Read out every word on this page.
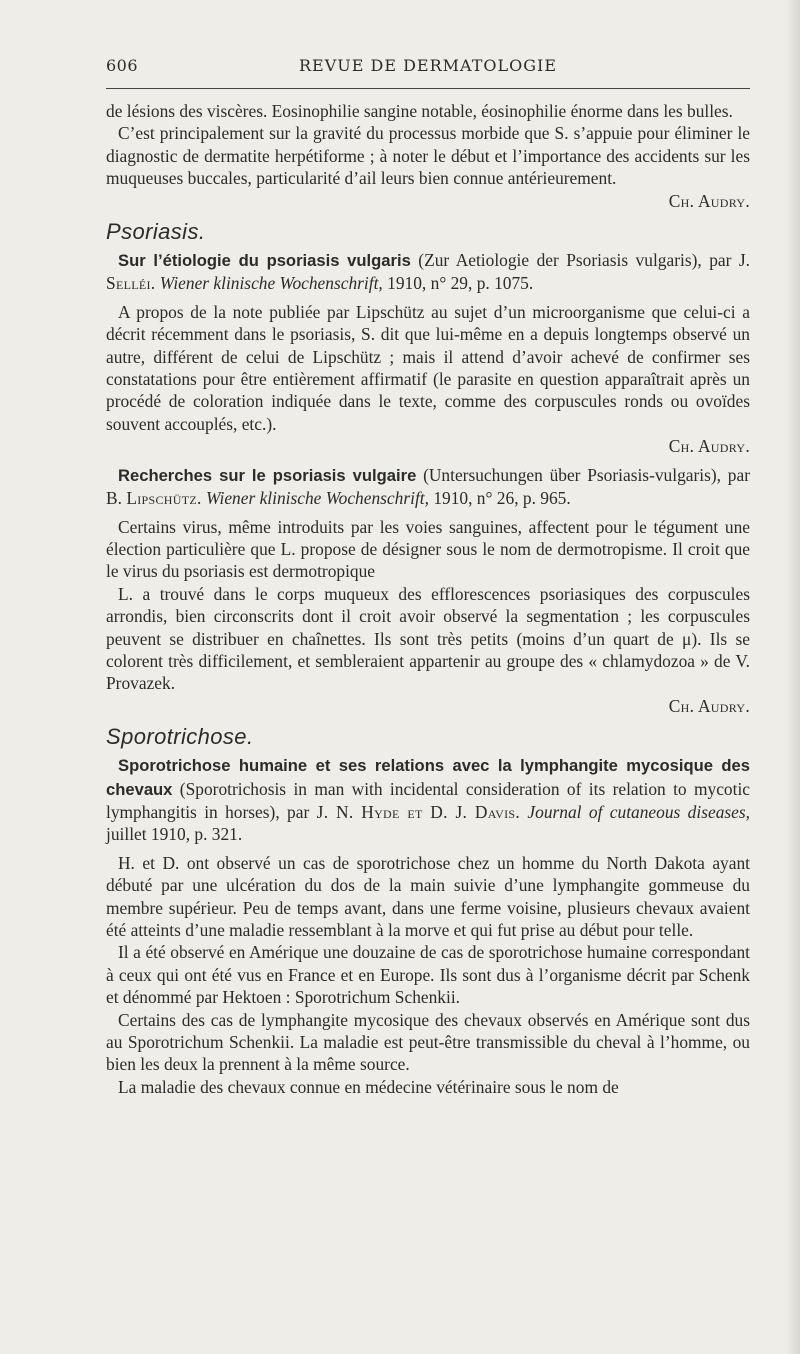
606	REVUE DE DERMATOLOGIE

de lésions des viscères. Eosinophilie sangine notable, éosinophilie énorme dans les bulles.

C’est principalement sur la gravité du processus morbide que S. s’appuie pour éliminer le diagnostic de dermatite herpétiforme ; à noter le début et l’importance des accidents sur les muqueuses buccales, particularité d’ail leurs bien connue antérieurement.

Ch. Audry.

Psoriasis.

Sur l’étiologie du psoriasis vulgaris (Zur Aetiologie der Psoriasis vulgaris), par J. Selléi. Wiener klinische Wochenschrift, 1910, n° 29, p. 1075.

A propos de la note publiée par Lipschütz au sujet d’un microorganisme que celui-ci a décrit récemment dans le psoriasis, S. dit que lui-même en a depuis longtemps observé un autre, différent de celui de Lipschütz ; mais il attend d’avoir achevé de confirmer ses constatations pour être entièrement affirmatif (le parasite en question apparaîtrait après un procédé de coloration indiquée dans le texte, comme des corpuscules ronds ou ovoïdes souvent accouplés, etc.).

Ch. Audry.

Recherches sur le psoriasis vulgaire (Untersuchungen über Psoriasis-vulgaris), par B. Lipschütz. Wiener klinische Wochenschrift, 1910, n° 26, p. 965.

Certains virus, même introduits par les voies sanguines, affectent pour le tégument une élection particulière que L. propose de désigner sous le nom de dermotropisme. Il croit que le virus du psoriasis est dermotropique

L. a trouvé dans le corps muqueux des efflorescences psoriasiques des corpuscules arrondis, bien circonscrits dont il croit avoir observé la segmentation ; les corpuscules peuvent se distribuer en chaînettes. Ils sont très petits (moins d’un quart de μ). Ils se colorent très difficilement, et sembleraient appartenir au groupe des « chlamydozoa » de V. Provazek.

Ch. Audry.

Sporotrichose.

Sporotrichose humaine et ses relations avec la lymphangite mycosique des chevaux (Sporotrichosis in man with incidental consideration of its relation to mycotic lymphangitis in horses), par J. N. Hyde et D. J. Davis. Journal of cutaneous diseases, juillet 1910, p. 321.

H. et D. ont observé un cas de sporotrichose chez un homme du North Dakota ayant débuté par une ulcération du dos de la main suivie d’une lymphangite gommeuse du membre supérieur. Peu de temps avant, dans une ferme voisine, plusieurs chevaux avaient été atteints d’une maladie ressemblant à la morve et qui fut prise au début pour telle.

Il a été observé en Amérique une douzaine de cas de sporotrichose humaine correspondant à ceux qui ont été vus en France et en Europe. Ils sont dus à l’organisme décrit par Schenk et dénommé par Hektoen : Sporotrichum Schenkii.

Certains des cas de lymphangite mycosique des chevaux observés en Amérique sont dus au Sporotrichum Schenkii. La maladie est peut-être transmissible du cheval à l’homme, ou bien les deux la prennent à la même source.

La maladie des chevaux connue en médecine vétérinaire sous le nom de
